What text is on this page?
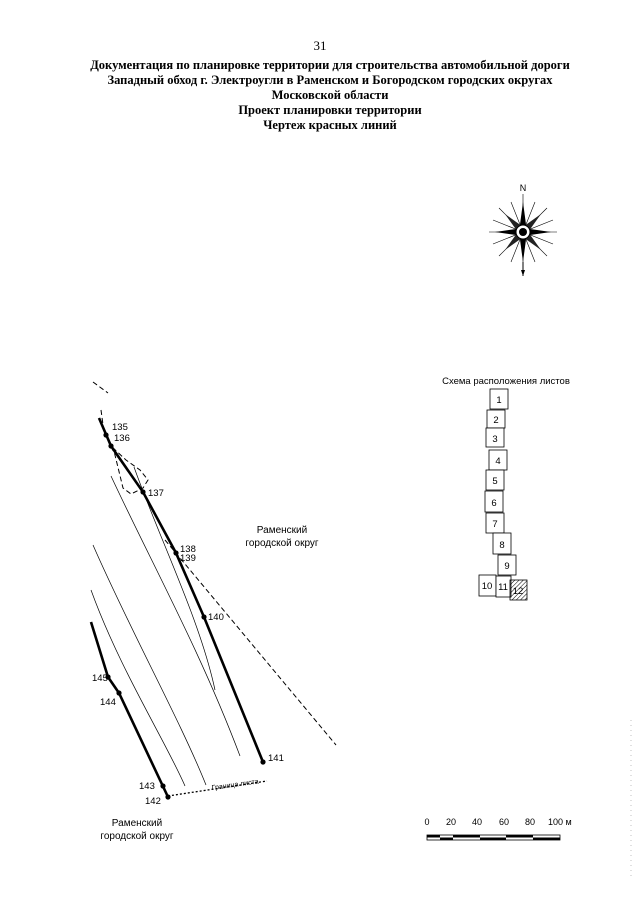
31
Документация по планировке территории для строительства автомобильной дороги
Западный обход г. Электроугли в Раменском и Богородском городских округах
Московской области
Проект планировки территории
Чертеж красных линий
N
Граница листа
135
136
137
138
139
140
141
142
143
144
145
Раменский
городской округ
Раменский
городской округ
Схема расположения листов
1
2
3
4
5
6
7
8
9
10 11 12
0 20 40 60 80 100 м
